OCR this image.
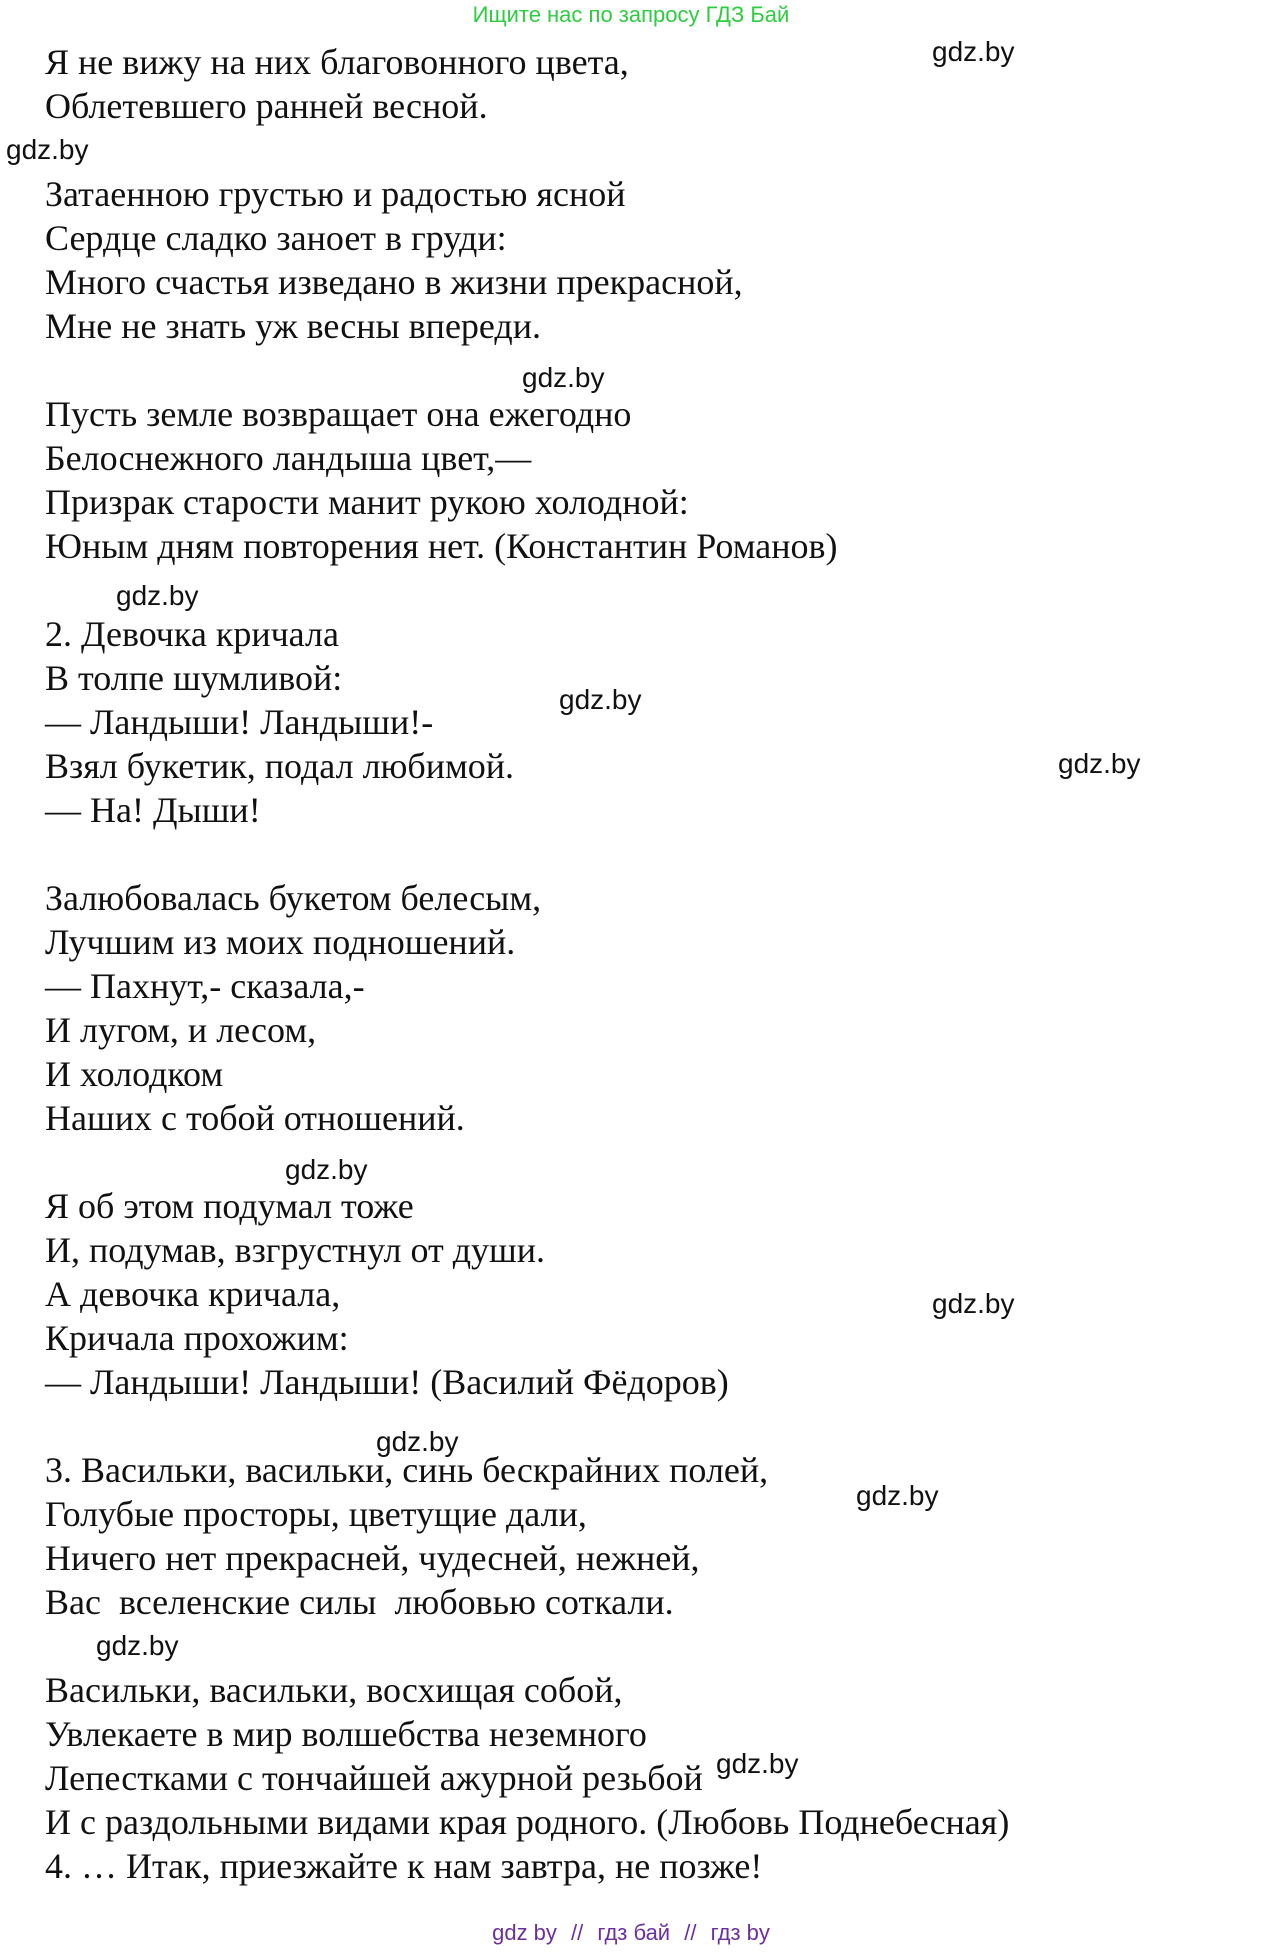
Ищите нас по запросу ГДЗ Бай
Я не вижу на них благовонного цвета,
Облетевшего ранней весной.
Затаенною грустью и радостью ясной
Сердце сладко заноет в груди:
Много счастья изведано в жизни прекрасной,
Мне не знать уж весны впереди.
Пусть земле возвращает она ежегодно
Белоснежного ландыша цвет,—
Призрак старости манит рукою холодной:
Юным дням повторения нет. (Константин Романов)
2. Девочка кричала
В толпе шумливой:
— Ландыши! Ландыши!-
Взял букетик, подал любимой.
— На! Дыши!
Залюбовалась букетом белесым,
Лучшим из моих подношений.
— Пахнут,- сказала,-
И лугом, и лесом,
И холодком
Наших с тобой отношений.
Я об этом подумал тоже
И, подумав, взгрустнул от души.
А девочка кричала,
Кричала прохожим:
— Ландыши! Ландыши! (Василий Фёдоров)
3. Васильки, васильки, синь бескрайних полей,
Голубые просторы, цветущие дали,
Ничего нет прекрасней, чудесней, нежней,
Вас  вселенские силы  любовью соткали.
Васильки, васильки, восхищая собой,
Увлекаете в мир волшебства неземного
Лепестками с тончайшей ажурной резьбой
И с раздольными видами края родного. (Любовь Поднебесная)
4. … Итак, приезжайте к нам завтра, не позже!
gdz.by
gdz.by
gdz.by
gdz.by
gdz.by
gdz.by
gdz.by
gdz.by
gdz.by
gdz.by
gdz.by
gdz.by
gdz by // гдз бай // гдз by
